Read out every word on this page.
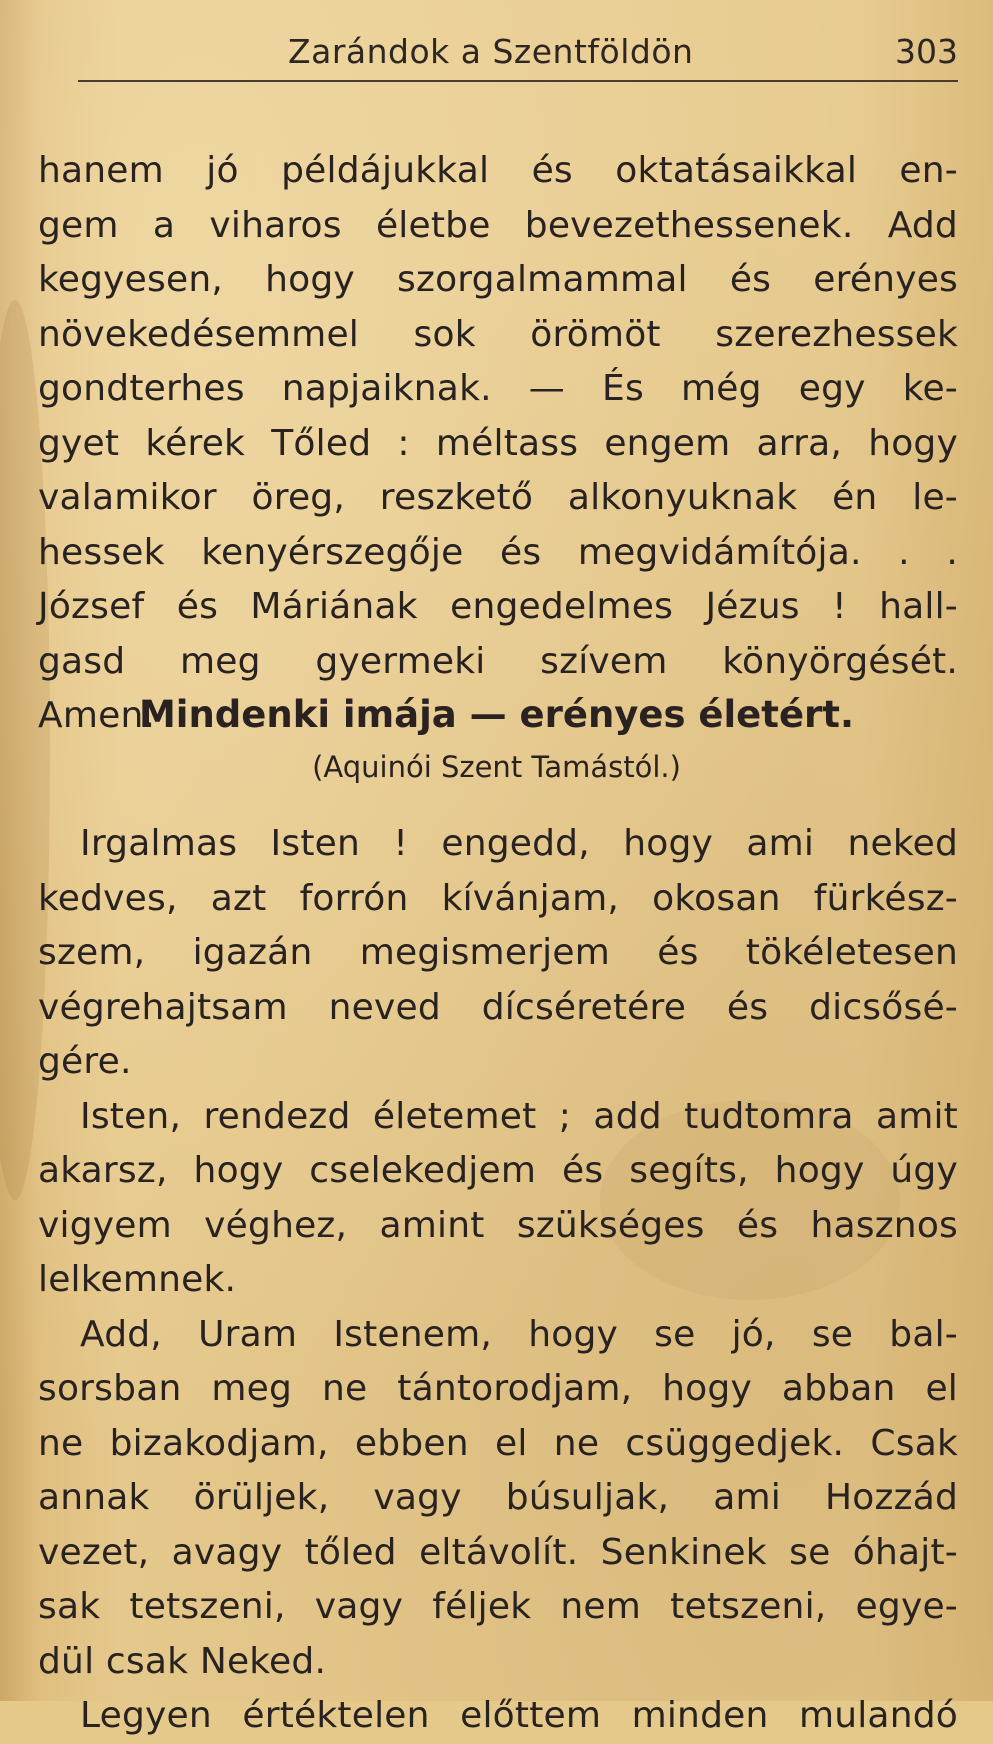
Zarándok a Szentföldön	303
hanem jó példájukkal és oktatásaikkal en-
gem a viharos életbe bevezethessenek. Add
kegyesen, hogy szorgalmammal és erényes
növekedésemmel sok örömöt szerezhessek
gondterhes napjaiknak. — És még egy ke-
gyet kérek Tőled : méltass engem arra, hogy
valamikor öreg, reszkető alkonyuknak én le-
hessek kenyérszegője és megvidámítója. . .
József és Máriának engedelmes Jézus ! hall-
gasd meg gyermeki szívem könyörgését.
Amen.
Mindenki imája — erényes életért.
(Aquinói Szent Tamástól.)
Irgalmas Isten ! engedd, hogy ami neked
kedves, azt forrón kívánjam, okosan fürkész-
szem, igazán megismerjem és tökéletesen
végrehajtsam neved dícséretére és dicsősé-
gére.
Isten, rendezd életemet ; add tudtomra amit
akarsz, hogy cselekedjem és segíts, hogy úgy
vigyem véghez, amint szükséges és hasznos
lelkemnek.
Add, Uram Istenem, hogy se jó, se bal-
sorsban meg ne tántorodjam, hogy abban el
ne bizakodjam, ebben el ne csüggedjek. Csak
annak örüljek, vagy búsuljak, ami Hozzád
vezet, avagy tőled eltávolít. Senkinek se óhajt-
sak tetszeni, vagy féljek nem tetszeni, egye-
dül csak Neked.
Legyen értéktelen előttem minden mulandó
